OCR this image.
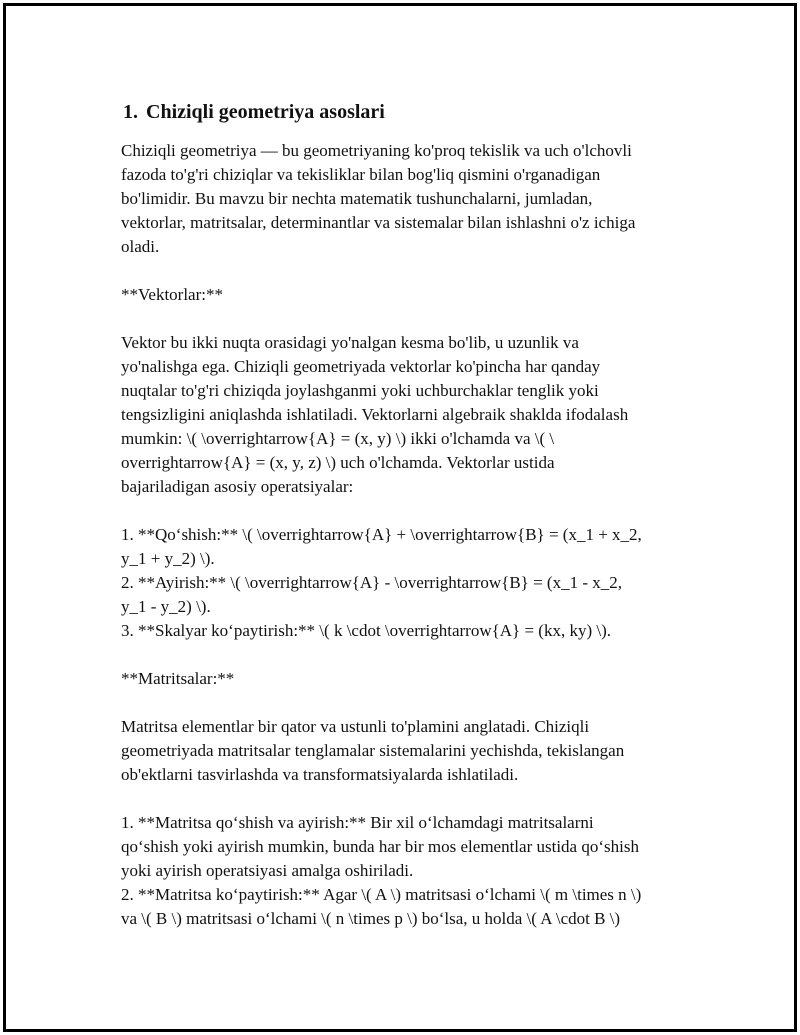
1. Chiziqli geometriya asoslari
Chiziqli geometriya — bu geometriyaning ko'proq tekislik va uch o'lchovli
fazoda to'g'ri chiziqlar va tekisliklar bilan bog'liq qismini o'rganadigan
bo'limidir. Bu mavzu bir nechta matematik tushunchalarni, jumladan,
vektorlar, matritsalar, determinantlar va sistemalar bilan ishlashni o'z ichiga
oladi.
**Vektorlar:**
Vektor bu ikki nuqta orasidagi yo'nalgan kesma bo'lib, u uzunlik va
yo'nalishga ega. Chiziqli geometriyada vektorlar ko'pincha har qanday
nuqtalar to'g'ri chiziqda joylashganmi yoki uchburchaklar tenglik yoki
tengsizligini aniqlashda ishlatiladi. Vektorlarni algebraik shaklda ifodalash
mumkin: \( \overrightarrow{A} = (x, y) \) ikki o'lchamda va \( \
overrightarrow{A} = (x, y, z) \) uch o'lchamda. Vektorlar ustida
bajariladigan asosiy operatsiyalar:
1. **Qo‘shish:** \( \overrightarrow{A} + \overrightarrow{B} = (x_1 + x_2,
y_1 + y_2) \).
2. **Ayirish:** \( \overrightarrow{A} - \overrightarrow{B} = (x_1 - x_2,
y_1 - y_2) \).
3. **Skalyar ko‘paytirish:** \( k \cdot \overrightarrow{A} = (kx, ky) \).
**Matritsalar:**
Matritsa elementlar bir qator va ustunli to'plamini anglatadi. Chiziqli
geometriyada matritsalar tenglamalar sistemalarini yechishda, tekislangan
ob'ektlarni tasvirlashda va transformatsiyalarda ishlatiladi.
1. **Matritsa qo‘shish va ayirish:** Bir xil o‘lchamdagi matritsalarni
qo‘shish yoki ayirish mumkin, bunda har bir mos elementlar ustida qo‘shish
yoki ayirish operatsiyasi amalga oshiriladi.
2. **Matritsa ko‘paytirish:** Agar \( A \) matritsasi o‘lchami \( m \times n \)
va \( B \) matritsasi o‘lchami \( n \times p \) bo‘lsa, u holda \( A \cdot B \)
